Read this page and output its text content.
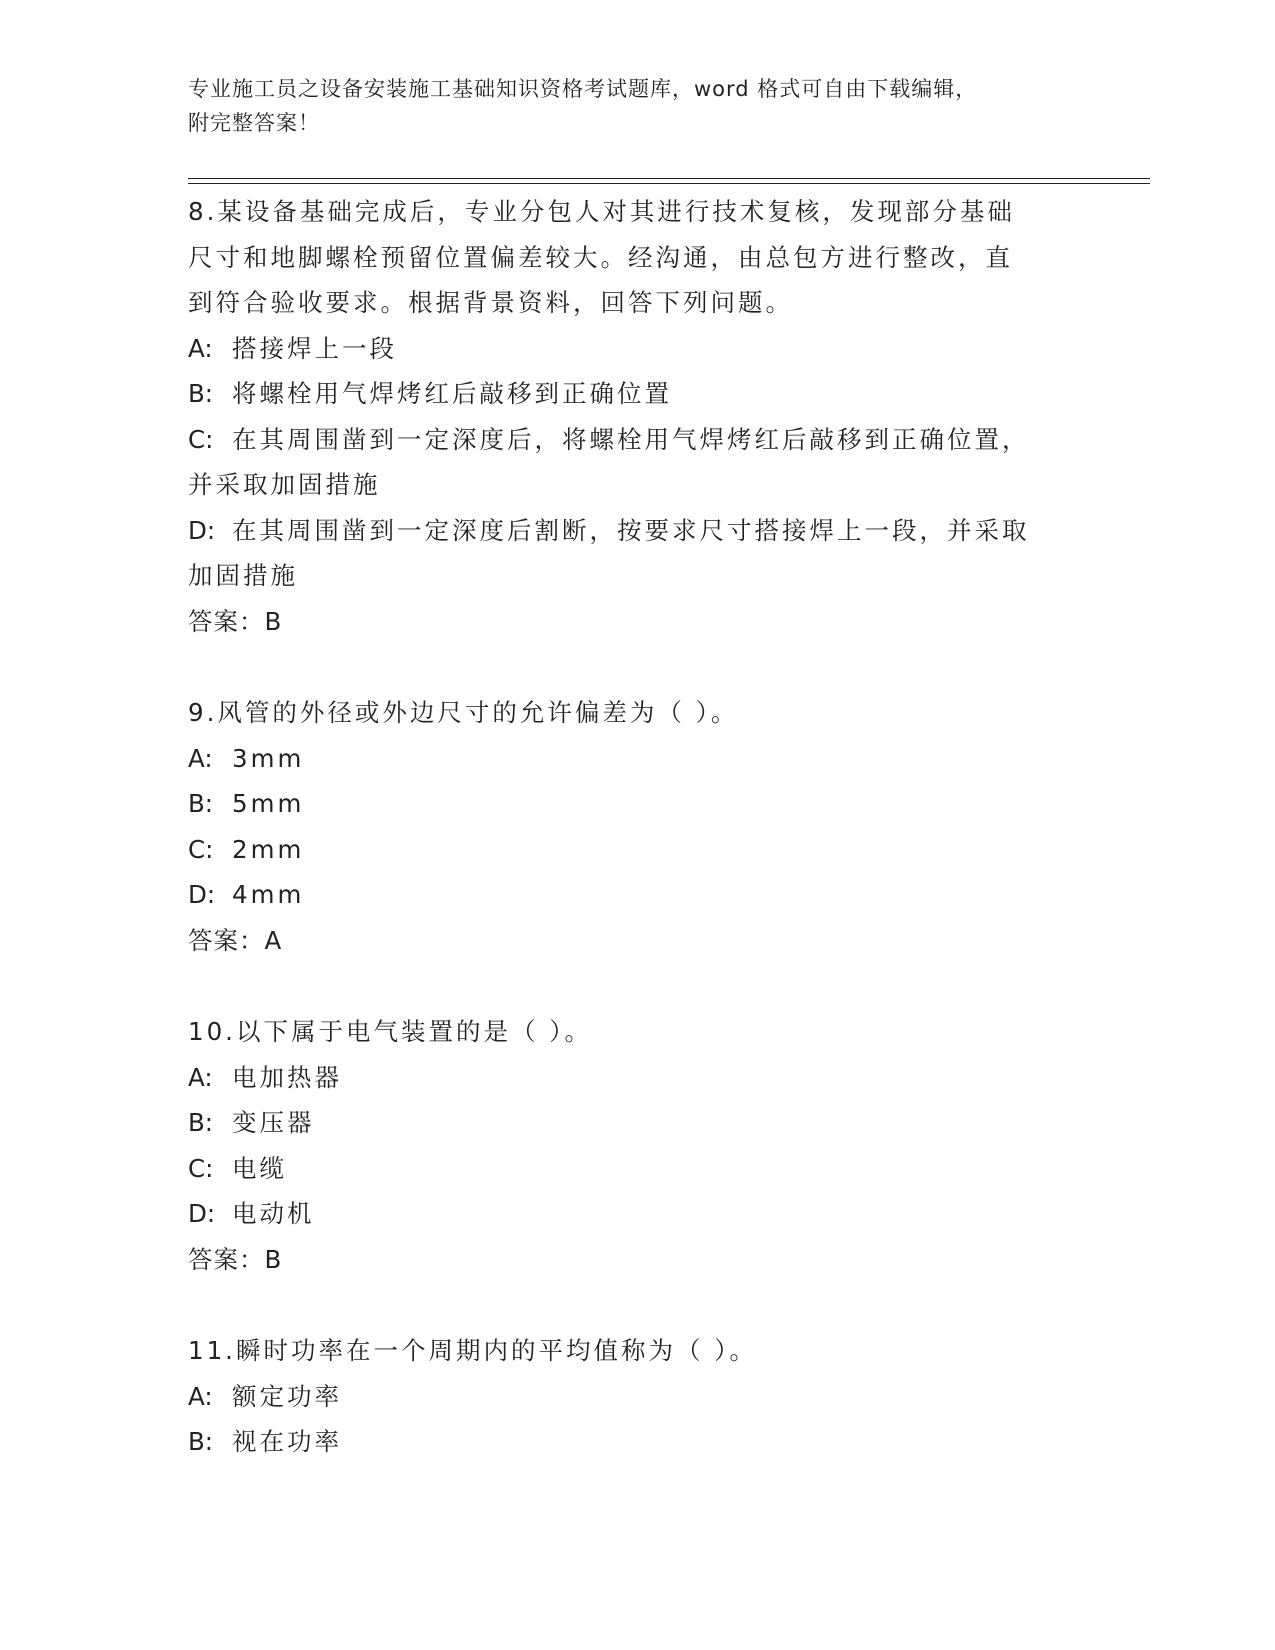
专业施工员之设备安装施工基础知识资格考试题库，word 格式可自由下载编辑，
附完整答案！
8.某设备基础完成后，专业分包人对其进行技术复核，发现部分基础
尺寸和地脚螺栓预留位置偏差较大。经沟通，由总包方进行整改，直
到符合验收要求。根据背景资料，回答下列问题。
A: 搭接焊上一段
B: 将螺栓用气焊烤红后敲移到正确位置
C: 在其周围凿到一定深度后，将螺栓用气焊烤红后敲移到正确位置，
并采取加固措施
D: 在其周围凿到一定深度后割断，按要求尺寸搭接焊上一段，并采取
加固措施
答案：B
9.风管的外径或外边尺寸的允许偏差为（ ）。
A: 3mm
B: 5mm
C: 2mm
D: 4mm
答案：A
10.以下属于电气装置的是（ ）。
A: 电加热器
B: 变压器
C: 电缆
D: 电动机
答案：B
11.瞬时功率在一个周期内的平均值称为（ ）。
A: 额定功率
B: 视在功率
